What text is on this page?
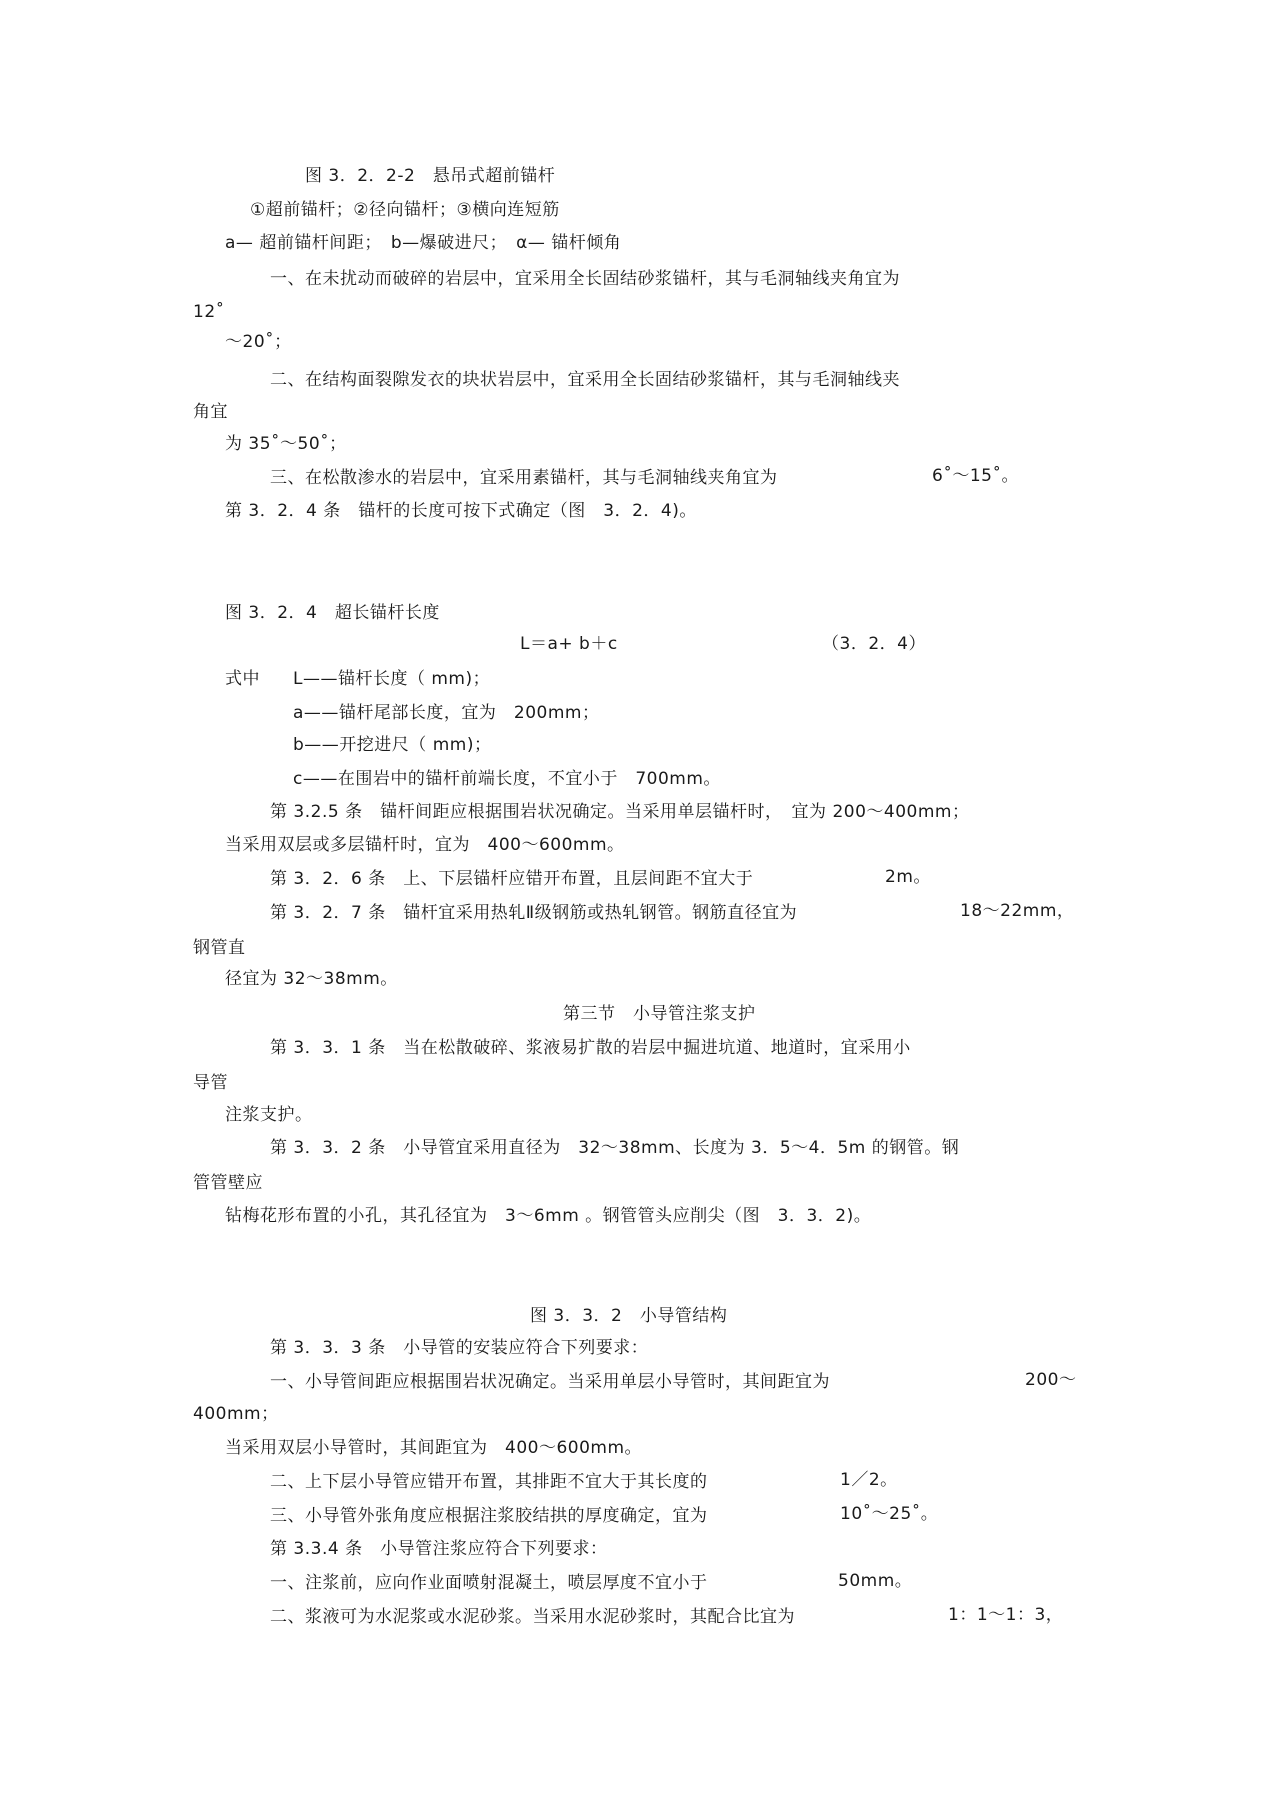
图 3．2．2-2　悬吊式超前锚杆
①超前锚杆；②径向锚杆；③横向连短筋
a— 超前锚杆间距；　b—爆破进尺；　α— 锚杆倾角
一、在未扰动而破碎的岩层中，宜采用全长固结砂浆锚杆，其与毛洞轴线夹角宜为
12˚
～20˚；
二、在结构面裂隙发衣的块状岩层中，宜采用全长固结砂浆锚杆，其与毛洞轴线夹
角宜
为 35˚～50˚；
三、在松散渗水的岩层中，宜采用素锚杆，其与毛洞轴线夹角宜为	6˚～15˚。
第 3．2．4 条　锚杆的长度可按下式确定（图　3．2．4)。
图 3．2．4　超长锚杆长度
L＝a+ b＋c	（3．2．4）
式中 L——锚杆长度（ mm)；
a——锚杆尾部长度，宜为　200mm；
b——开挖进尺（ mm)；
c——在围岩中的锚杆前端长度，不宜小于　700mm。
第 3.2.5 条　锚杆间距应根据围岩状况确定。当采用单层锚杆时，　宜为 200～400mm；
当采用双层或多层锚杆时，宜为　400～600mm。
第 3．2．6 条　上、下层锚杆应错开布置，且层间距不宜大于	2m。
第 3．2．7 条　锚杆宜采用热轧Ⅱ级钢筋或热轧钢管。钢筋直径宜为	18～22mm，
钢管直
径宜为 32～38mm。
第三节　小导管注浆支护
第 3．3．1 条　当在松散破碎、浆液易扩散的岩层中掘进坑道、地道时，宜采用小
导管
注浆支护。
第 3．3．2 条　小导管宜采用直径为　32～38mm、长度为 3．5～4．5m 的钢管。钢
管管壁应
钻梅花形布置的小孔，其孔径宜为　3～6mm 。钢管管头应削尖（图　3．3．2)。
图 3．3．2　小导管结构
第 3．3．3 条　小导管的安装应符合下列要求：
一、小导管间距应根据围岩状况确定。当采用单层小导管时，其间距宜为	200～
400mm；
当采用双层小导管时，其间距宜为　400～600mm。
二、上下层小导管应错开布置，其排距不宜大于其长度的	1／2。
三、小导管外张角度应根据注浆胶结拱的厚度确定，宜为	10˚～25˚。
第 3.3.4 条　小导管注浆应符合下列要求：
一、注浆前，应向作业面喷射混凝土，喷层厚度不宜小于	50mm。
二、浆液可为水泥浆或水泥砂浆。当采用水泥砂浆时，其配合比宜为	1：1～1：3，
